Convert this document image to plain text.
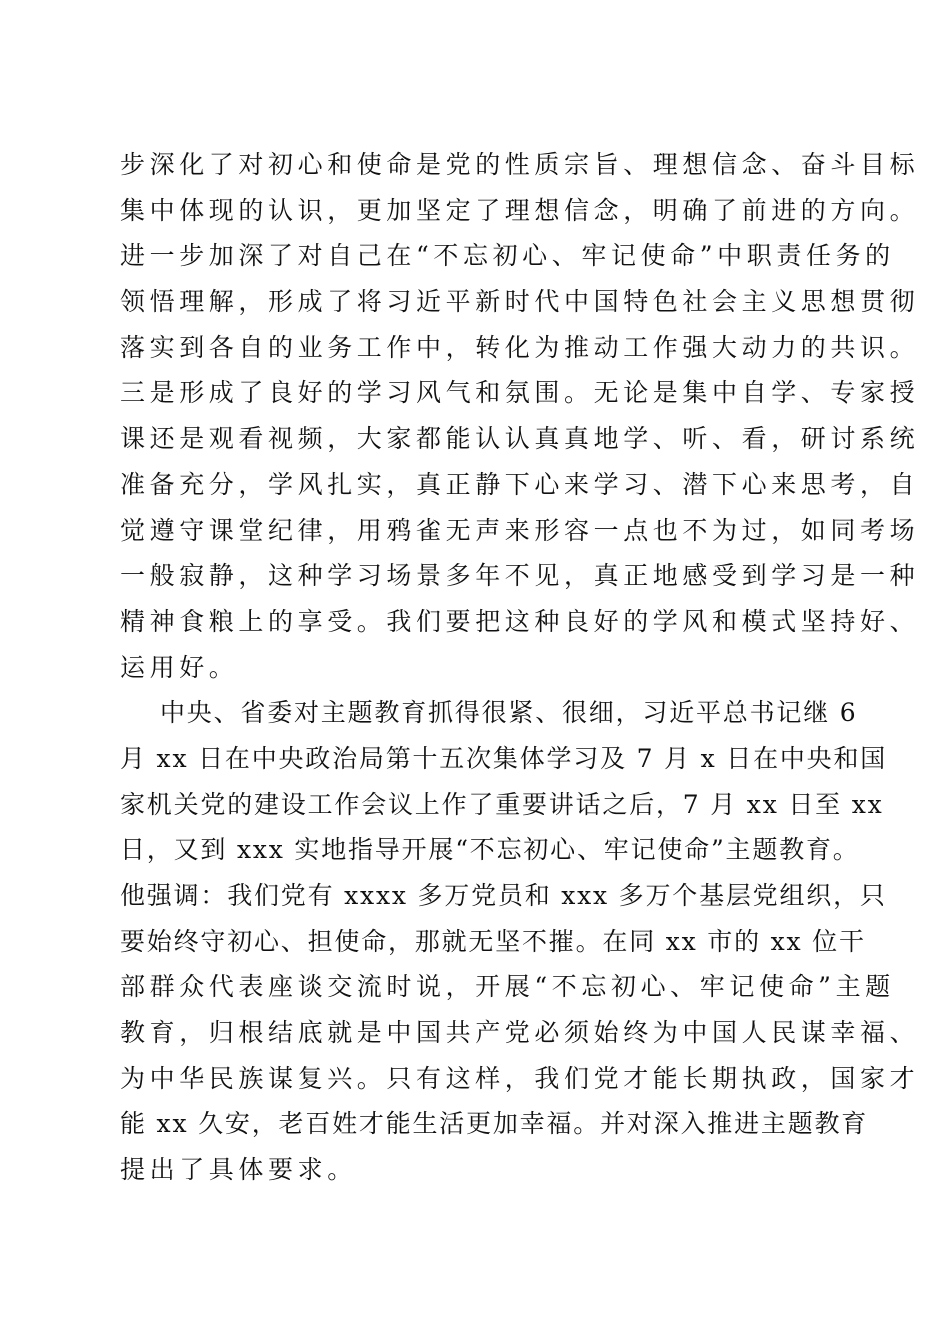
步深化了对初心和使命是党的性质宗旨、理想信念、奋斗目标
集中体现的认识，更加坚定了理想信念，明确了前进的方向。
进一步加深了对自己在“不忘初心、牢记使命”中职责任务的
领悟理解，形成了将习近平新时代中国特色社会主义思想贯彻
落实到各自的业务工作中，转化为推动工作强大动力的共识。
三是形成了良好的学习风气和氛围。无论是集中自学、专家授
课还是观看视频，大家都能认认真真地学、听、看，研讨系统
准备充分，学风扎实，真正静下心来学习、潜下心来思考，自
觉遵守课堂纪律，用鸦雀无声来形容一点也不为过，如同考场
一般寂静，这种学习场景多年不见，真正地感受到学习是一种
精神食粮上的享受。我们要把这种良好的学风和模式坚持好、
运用好。
中央、省委对主题教育抓得很紧、很细，习近平总书记继 6
月 xx 日在中央政治局第十五次集体学习及 7 月 x 日在中央和国
家机关党的建设工作会议上作了重要讲话之后，7 月 xx 日至 xx
日，又到 xxx 实地指导开展“不忘初心、牢记使命”主题教育。
他强调：我们党有 xxxx 多万党员和 xxx 多万个基层党组织，只
要始终守初心、担使命，那就无坚不摧。在同 xx 市的 xx 位干
部群众代表座谈交流时说，开展“不忘初心、牢记使命”主题
教育，归根结底就是中国共产党必须始终为中国人民谋幸福、
为中华民族谋复兴。只有这样，我们党才能长期执政，国家才
能 xx 久安，老百姓才能生活更加幸福。并对深入推进主题教育
提出了具体要求。
